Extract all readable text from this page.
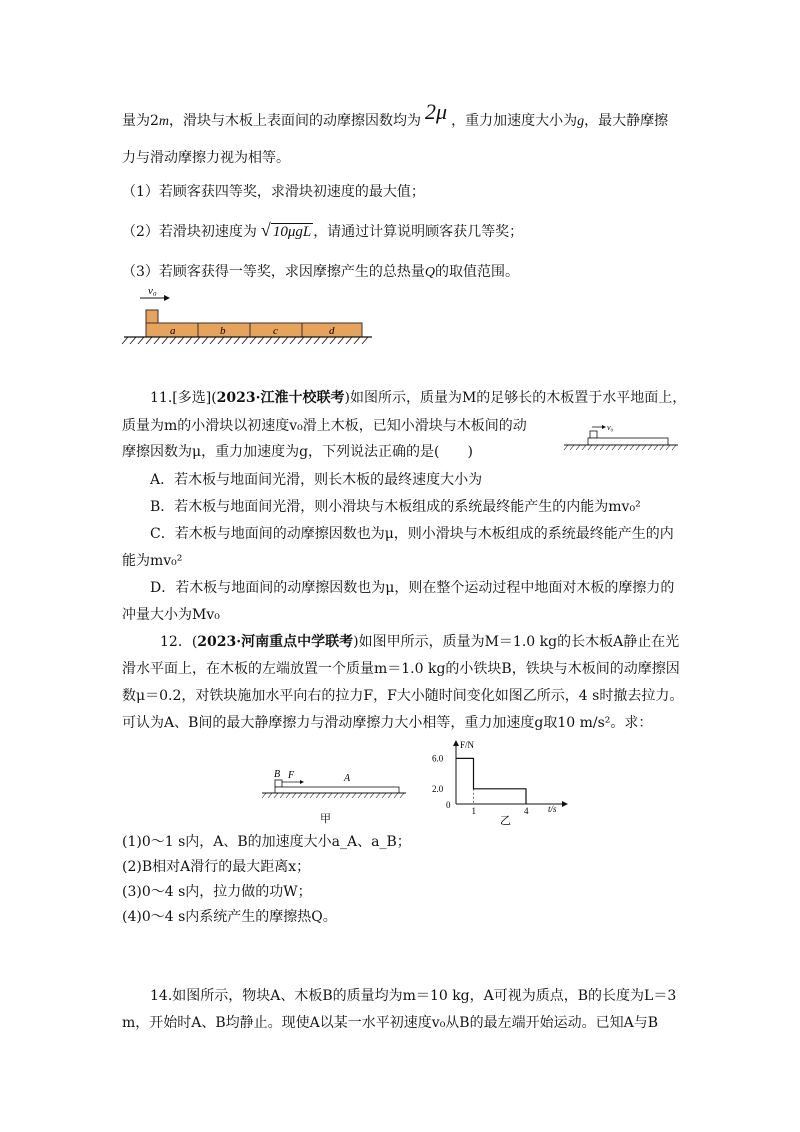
量为2m，滑块与木板上表面间的动摩擦因数均为 2μ ，重力加速度大小为g，最大静摩擦
力与滑动摩擦力视为相等。
（1）若顾客获四等奖，求滑块初速度的最大值；
（2）若滑块初速度为 √ 10μgL ，请通过计算说明顾客获几等奖；
（3）若顾客获得一等奖，求因摩擦产生的总热量Q的取值范围。
v₀
a	b	c	d
11.[多选](2023·江淮十校联考)如图所示，质量为M的足够长的木板置于水平地面上，
质量为m的小滑块以初速度v₀滑上木板，已知小滑块与木板间的动
摩擦因数为μ，重力加速度为g，下列说法正确的是(　　)
v₀
A．若木板与地面间光滑，则长木板的最终速度大小为
B．若木板与地面间光滑，则小滑块与木板组成的系统最终能产生的内能为mv₀²
C．若木板与地面间的动摩擦因数也为μ，则小滑块与木板组成的系统最终能产生的内
能为mv₀²
D．若木板与地面间的动摩擦因数也为μ，则在整个运动过程中地面对木板的摩擦力的
冲量大小为Mv₀
12．(2023·河南重点中学联考)如图甲所示，质量为M＝1.0 kg的长木板A静止在光
滑水平面上，在木板的左端放置一个质量m＝1.0 kg的小铁块B，铁块与木板间的动摩擦因
数μ＝0.2，对铁块施加水平向右的拉力F，F大小随时间变化如图乙所示，4 s时撤去拉力。
可认为A、B间的最大静摩擦力与滑动摩擦力大小相等，重力加速度g取10 m/s²。求：
B F	A
甲
F/N
t/s
0
2.0
6.0
1	4
乙
(1)0～1 s内，A、B的加速度大小a_A、a_B；
(2)B相对A滑行的最大距离x；
(3)0～4 s内，拉力做的功W；
(4)0～4 s内系统产生的摩擦热Q。
14.如图所示，物块A、木板B的质量均为m＝10 kg，A可视为质点，B的长度为L＝3
m，开始时A、B均静止。现使A以某一水平初速度v₀从B的最左端开始运动。已知A与B
